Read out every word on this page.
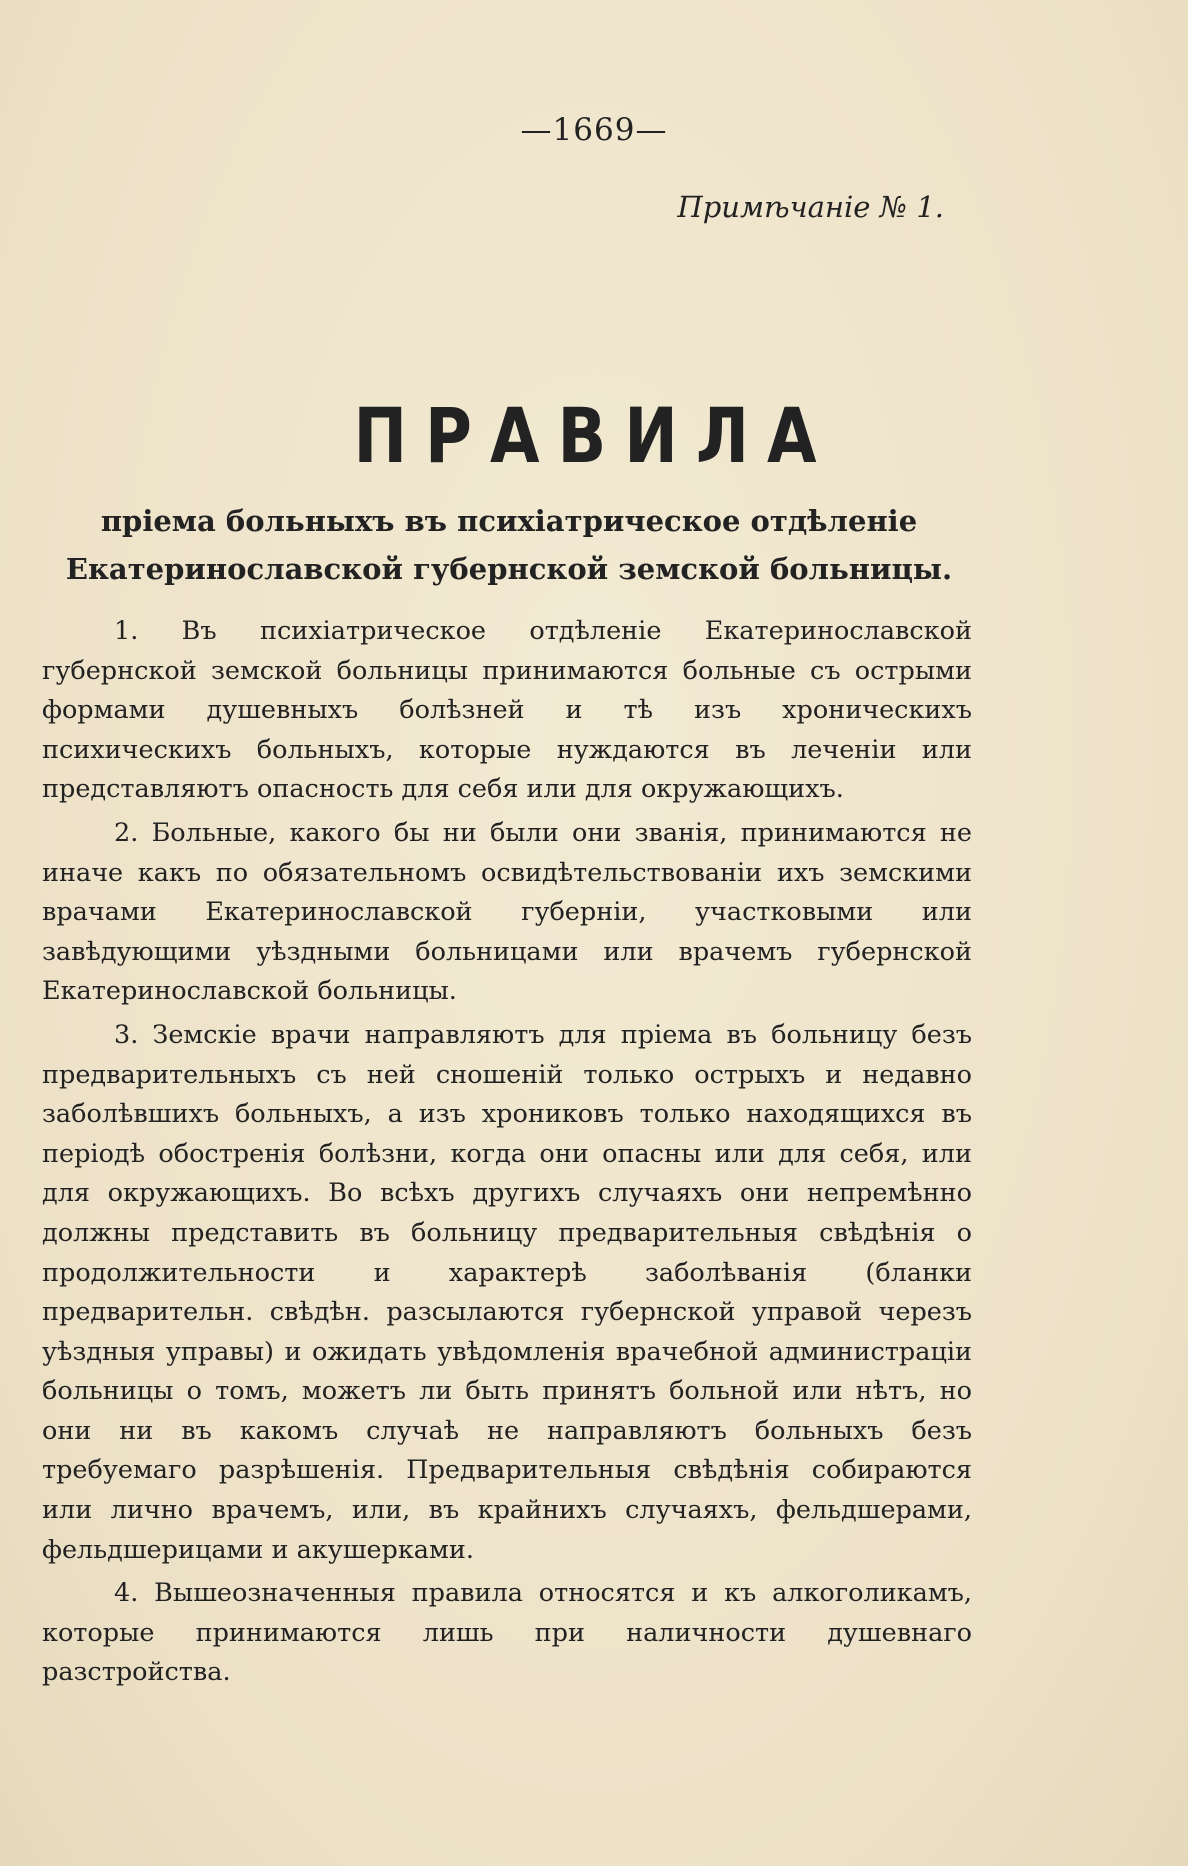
—1669—
Примѣчаніе № 1.
ПРАВИЛА
пріема больныхъ въ психіатрическое отдѣленіе Екатеринославской губернской земской больницы.

1. Въ психіатрическое отдѣленіе Екатеринославской губернской земской больницы принимаются больные съ острыми формами душевныхъ болѣзней и тѣ изъ хроническихъ психическихъ больныхъ, которые нуждаются въ леченіи или представляютъ опасность для себя или для окружающихъ.

2. Больные, какого бы ни были они званія, принимаются не иначе какъ по обязательномъ освидѣтельствованіи ихъ земскими врачами Екатеринославской губерніи, участковыми или завѣдующими уѣздными больницами или врачемъ губернской Екатеринославской больницы.

3. Земскіе врачи направляютъ для пріема въ больницу безъ предварительныхъ съ ней сношеній только острыхъ и недавно заболѣвшихъ больныхъ, а изъ хрониковъ только находящихся въ періодѣ обостренія болѣзни, когда они опасны или для себя, или для окружающихъ. Во всѣхъ другихъ случаяхъ они непремѣнно должны представить въ больницу предварительныя свѣдѣнія о продолжительности и характерѣ заболѣванія (бланки предварительн. свѣдѣн. разсылаются губернской управой черезъ уѣздныя управы) и ожидать увѣдомленія врачебной администраціи больницы о томъ, можетъ ли быть принятъ больной или нѣтъ, но они ни въ какомъ случаѣ не направляютъ больныхъ безъ требуемаго разрѣшенія. Предварительныя свѣдѣнія собираются или лично врачемъ, или, въ крайнихъ случаяхъ, фельдшерами, фельдшерицами и акушерками.

4. Вышеозначенныя правила относятся и къ алкоголикамъ, которые принимаются лишь при наличности душевнаго разстройства.
